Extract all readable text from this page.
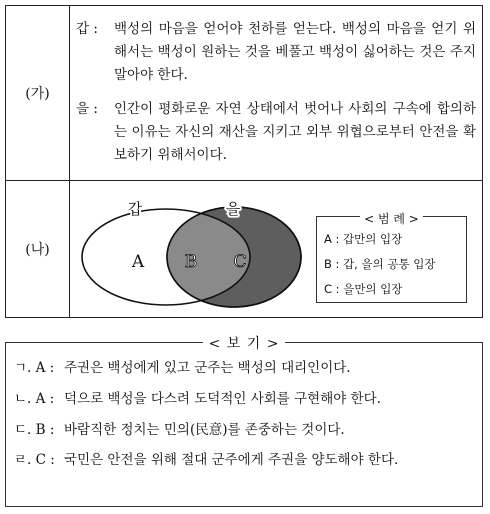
(가)
갑 :	백성의 마음을 얻어야 천하를 얻는다. 백성의 마음을 얻기 위해서는 백성이 원하는 것을 베풀고 백성이 싫어하는 것은 주지 말아야 한다.
을 :	인간이 평화로운 자연 상태에서 벗어나 사회의 구속에 합의하는 이유는 자신의 재산을 지키고 외부 위협으로부터 안전을 확보하기 위해서이다.
(나)
갑	을
A B C
< 범 례 >
A : 갑만의 입장
B : 갑, 을의 공통 입장
C : 을만의 입장
< 보 기 >
ㄱ. A : 주권은 백성에게 있고 군주는 백성의 대리인이다.
ㄴ. A : 덕으로 백성을 다스려 도덕적인 사회를 구현해야 한다.
ㄷ. B : 바람직한 정치는 민의(民意)를 존중하는 것이다.
ㄹ. C : 국민은 안전을 위해 절대 군주에게 주권을 양도해야 한다.
